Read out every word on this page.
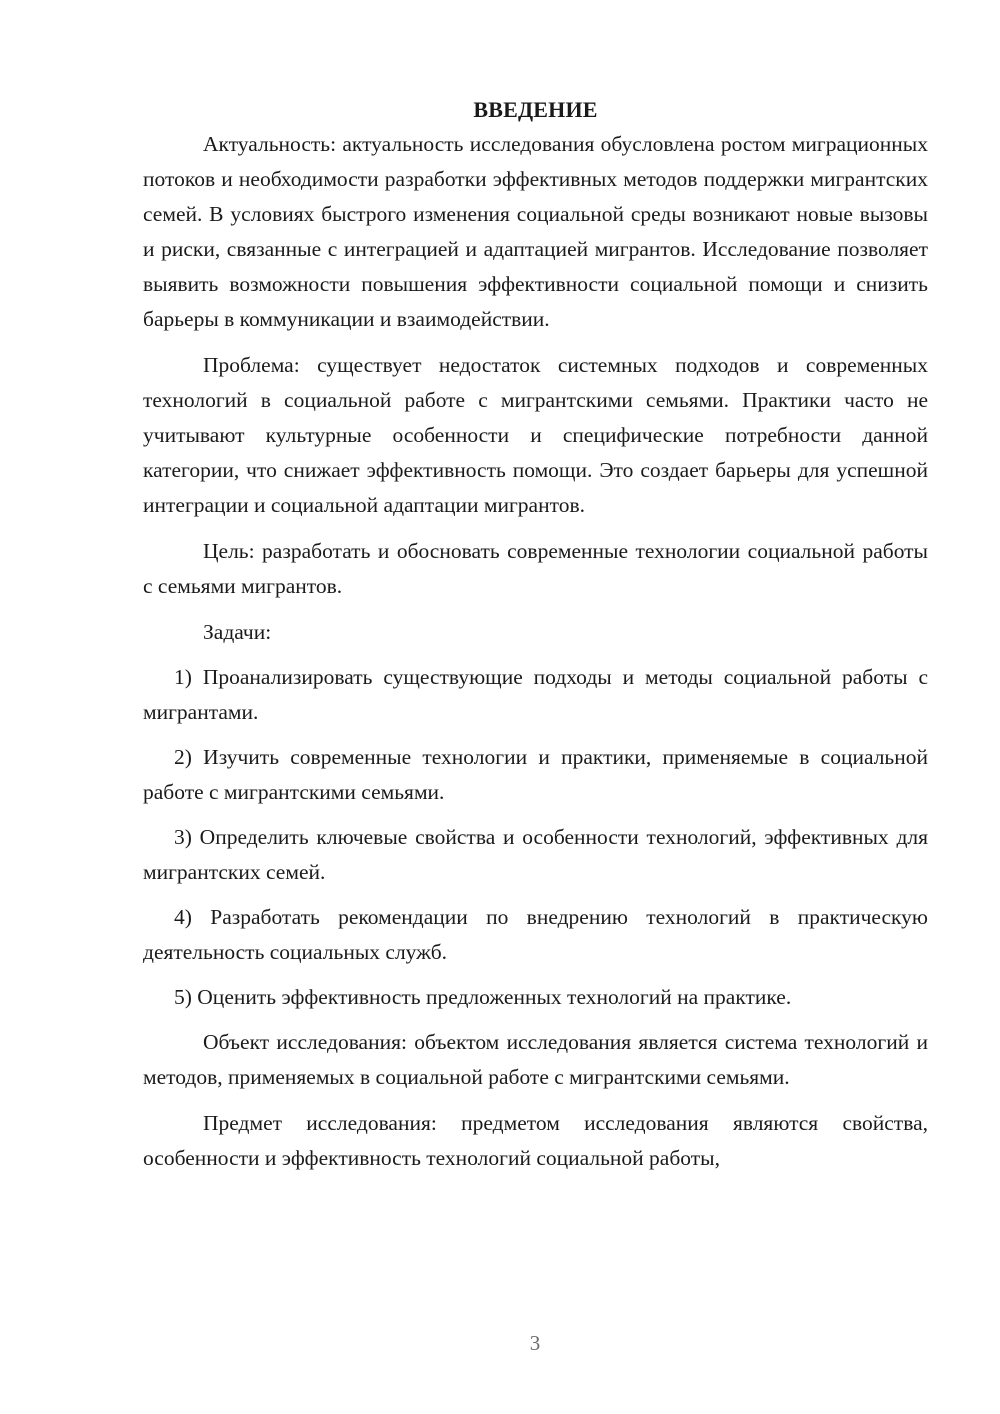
ВВЕДЕНИЕ

Актуальность: актуальность исследования обусловлена ростом миграционных потоков и необходимости разработки эффективных методов поддержки мигрантских семей. В условиях быстрого изменения социальной среды возникают новые вызовы и риски, связанные с интеграцией и адаптацией мигрантов. Исследование позволяет выявить возможности повышения эффективности социальной помощи и снизить барьеры в коммуникации и взаимодействии.

Проблема: существует недостаток системных подходов и современных технологий в социальной работе с мигрантскими семьями. Практики часто не учитывают культурные особенности и специфические потребности данной категории, что снижает эффективность помощи. Это создает барьеры для успешной интеграции и социальной адаптации мигрантов.

Цель: разработать и обосновать современные технологии социальной работы с семьями мигрантов.

Задачи:

1) Проанализировать существующие подходы и методы социальной работы с мигрантами.

2) Изучить современные технологии и практики, применяемые в социальной работе с мигрантскими семьями.

3) Определить ключевые свойства и особенности технологий, эффективных для мигрантских семей.

4) Разработать рекомендации по внедрению технологий в практическую деятельность социальных служб.

5) Оценить эффективность предложенных технологий на практике.

Объект исследования: объектом исследования является система технологий и методов, применяемых в социальной работе с мигрантскими семьями.

Предмет исследования: предметом исследования являются свойства, особенности и эффективность технологий социальной работы,

3
